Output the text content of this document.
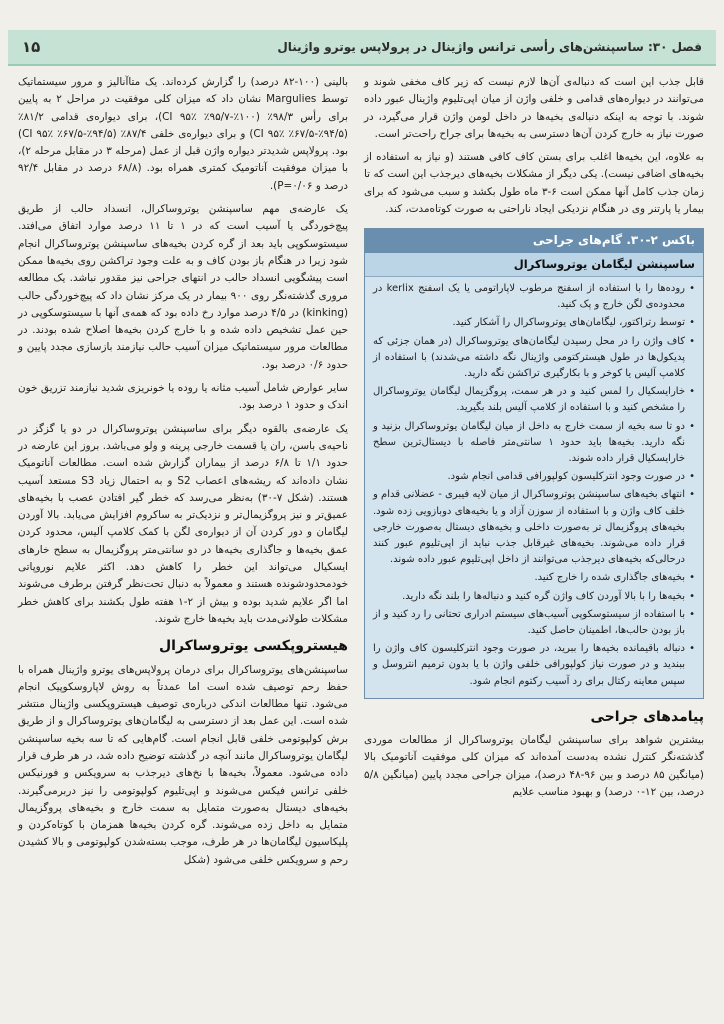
۱۵	فصل ۳۰: ساسپنشن‌های رأسی ترانس واژینال در پرولاپس یوترو واژینال

بالینی (۱۰۰-۸۲ درصد) را گزارش کرده‌اند. یک متاآنالیز و مرور سیستماتیک توسط Margulies نشان داد که میزان کلی موفقیت در مراحل ۲ به پایین برای رأس ۹۸/۳٪ (۱۰۰٪-۹۵/۷٪ CI ۹۵٪)، برای دیواره‌ی قدامی ۸۱/۲٪ (۹۴/۵٪-۶۷/۵٪ CI ۹۵٪) و برای دیواره‌ی خلفی ۸۷/۴٪ (۹۴/۵٪-۶۷/۵٪ CI ۹۵٪) بود. پرولاپس شدیدتر دیواره واژن قبل از عمل (مرحله ۳ در مقابل مرحله ۲)، با میزان موفقیت آناتومیک کمتری همراه بود. (۶۸/۸ درصد در مقابل ۹۲/۴ درصد و P=۰/۰۶).

یک عارضه‌ی مهم ساسپنشن یوتروساکرال، انسداد حالب از طریق پیچ‌خوردگی یا آسیب است که در ۱ تا ۱۱ درصد موارد اتفاق می‌افتد. سیستوسکوپی باید بعد از گره کردن بخیه‌های ساسپنشن یوتروساکرال انجام شود زیرا در هنگام باز بودن کاف و به علت وجود تراکشن روی بخیه‌ها ممکن است پیشگویی انسداد حالب در انتهای جراحی نیز مقدور نباشد. یک مطالعه مروری گذشته‌نگر روی ۹۰۰ بیمار در یک مرکز نشان داد که پیچ‌خوردگی حالب (kinking) در ۴/۵ درصد موارد رخ داده بود که همه‌ی آنها با سیستوسکوپی در حین عمل تشخیص داده شده و با خارج کردن بخیه‌ها اصلاح شده بودند. در مطالعات مرور سیستماتیک میزان آسیب حالب نیازمند بازسازی مجدد پایین و حدود ۰/۶ درصد بود.

سایر عوارض شامل آسیب مثانه یا روده یا خونریزی شدید نیازمند تزریق خون اندک و حدود ۱ درصد بود.

یک عارضه‌ی بالقوه دیگر برای ساسپنشن یوتروساکرال در دو یا گزگز در ناحیه‌ی باسن، ران یا قسمت خارجی پرینه و ولو می‌باشد. بروز این عارضه در حدود ۱/۱ تا ۶/۸ درصد از بیماران گزارش شده است. مطالعات آناتومیک نشان داده‌اند که ریشه‌های اعصاب S2 و به احتمال زیاد S3 مستعد آسیب هستند. (شکل ۷-۳۰) به‌نظر می‌رسد که خطر گیر افتادن عصب با بخیه‌های عمیق‌تر و نیز پروگزیمال‌تر و نزدیک‌تر به ساکروم افزایش می‌یابد. بالا آوردن لیگامان و دور کردن آن از دیواره‌ی لگن با کمک کلامپ آلیس، محدود کردن عمق بخیه‌ها و جاگذاری بخیه‌ها در دو سانتی‌متر پروگزیمال به سطح خارهای ایسکیال می‌تواند این خطر را کاهش دهد. اکثر علایم نوروپاتی خودمحدودشونده هستند و معمولاً به دنبال تحت‌نظر گرفتن برطرف می‌شوند اما اگر علایم شدید بوده و بیش از ۲-۱ هفته طول بکشند برای کاهش خطر مشکلات طولانی‌مدت باید بخیه‌ها خارج شوند.

هیستروپکسی یوتروساکرال

ساسپنشن‌های یوتروساکرال برای درمان پرولاپس‌های یوترو واژینال همراه با حفظ رحم توصیف شده است اما عمدتاً به روش لاپاروسکوپیک انجام می‌شود. تنها مطالعات اندکی درباره‌ی توصیف هیستروپکسی واژینال منتشر شده است. این عمل بعد از دسترسی به لیگامان‌های یوتروساکرال و از طریق برش کولپوتومی خلفی قابل انجام است. گام‌هایی که تا سه بخیه ساسپنشن لیگامان یوتروساکرال مانند آنچه در گذشته توضیح داده شد، در هر طرف قرار داده می‌شود. معمولاً، بخیه‌ها با نخ‌های دیرجذب به سرویکس و فورنیکس خلفی ترانس فیکس می‌شوند و اپی‌تلیوم کولپوتومی را نیز دربرمی‌گیرند. بخیه‌های دیستال به‌صورت متمایل به سمت خارج و بخیه‌های پروگزیمال متمایل به داخل زده می‌شوند. گره کردن بخیه‌ها همزمان با کوتاه‌کردن و پلیکاسیون لیگامان‌ها در هر طرف، موجب بسته‌شدن کولپوتومی و بالا کشیدن رحم و سرویکس خلفی می‌شود (شکل

قابل جذب این است که دنباله‌ی آن‌ها لازم نیست که زیر کاف مخفی شوند و می‌توانند در دیواره‌های قدامی و خلفی واژن از میان اپی‌تلیوم واژینال عبور داده شوند. با توجه به اینکه دنباله‌ی بخیه‌ها در داخل لومن واژن قرار می‌گیرد، در صورت نیاز به خارج کردن آن‌ها دسترسی به بخیه‌ها برای جراح راحت‌تر است.

به علاوه، این بخیه‌ها اغلب برای بستن کاف کافی هستند (و نیاز به استفاده از بخیه‌های اضافی نیست). یکی دیگر از مشکلات بخیه‌های دیرجذب این است که تا زمان جذب کامل آنها ممکن است ۶-۳ ماه طول بکشد و سبب می‌شود که برای بیمار یا پارتنر وی در هنگام نزدیکی ایجاد ناراحتی به صورت کوتاه‌مدت، کند.

باکس ۲-۳۰. گام‌های جراحی
ساسپنشن لیگامان یوتروساکرال
• روده‌ها را با استفاده از اسفنج مرطوب لاپاراتومی یا یک اسفنج kerlix در محدوده‌ی لگن خارج و پک کنید.
• توسط رتراکتور، لیگامان‌های یوتروساکرال را آشکار کنید.
• کاف واژن را در محل رسیدن لیگامان‌های یوتروساکرال (در همان جزئی که پدیکول‌ها در طول هیسترکتومی واژینال نگه داشته می‌شدند) با استفاده از کلامپ آلیس یا کوخر و با بکارگیری تراکشن نگه دارید.
• خارایسکیال را لمس کنید و در هر سمت، پروگزیمال لیگامان یوتروساکرال را مشخص کنید و با استفاده از کلامپ آلیس بلند بگیرید.
• دو تا سه بخیه از سمت خارج به داخل از میان لیگامان یوتروساکرال بزنید و نگه دارید. بخیه‌ها باید حدود ۱ سانتی‌متر فاصله با دیستال‌ترین سطح خارایسکیال قرار داده شوند.
• در صورت وجود انترکلیسون کولپورافی قدامی انجام شود.
• انتهای بخیه‌های ساسپنشن یوتروساکرال از میان لایه فیبری - عضلانی قدام و خلف کاف واژن و با استفاده از سوزن آزاد و یا بخیه‌های دوبازویی زده شود. بخیه‌های پروگزیمال تر به‌صورت داخلی و بخیه‌های دیستال به‌صورت خارجی قرار داده می‌شوند. بخیه‌های غیرقابل جذب نباید از اپی‌تلیوم عبور کنند درحالی‌که بخیه‌های دیرجذب می‌توانند از داخل اپی‌تلیوم عبور داده شوند.
• بخیه‌های جاگذاری شده را خارج کنید.
• بخیه‌ها را با بالا آوردن کاف واژن گره کنید و دنباله‌ها را بلند نگه دارید.
• با استفاده از سیستوسکوپی آسیب‌های سیستم ادراری تحتانی را رد کنید و از باز بودن حالب‌ها، اطمینان حاصل کنید.
• دنباله باقیمانده بخیه‌ها را ببرید، در صورت وجود انترکلیسون کاف واژن را ببندید و در صورت نیاز کولپورافی خلفی واژن با یا بدون ترمیم انتروسل و سپس معاینه رکتال برای رد آسیب رکتوم انجام شود.
پیامدهای جراحی

بیشترین شواهد برای ساسپنشن لیگامان یوتروساکرال از مطالعات موردی گذشته‌نگر کنترل نشده به‌دست آمده‌اند که میزان کلی موفقیت آناتومیک بالا (میانگین ۸۵ درصد و بین ۹۶-۴۸ درصد)، میزان جراحی مجدد پایین (میانگین ۵/۸ درصد، بین ۱۲-۰ درصد) و بهبود مناسب علایم
